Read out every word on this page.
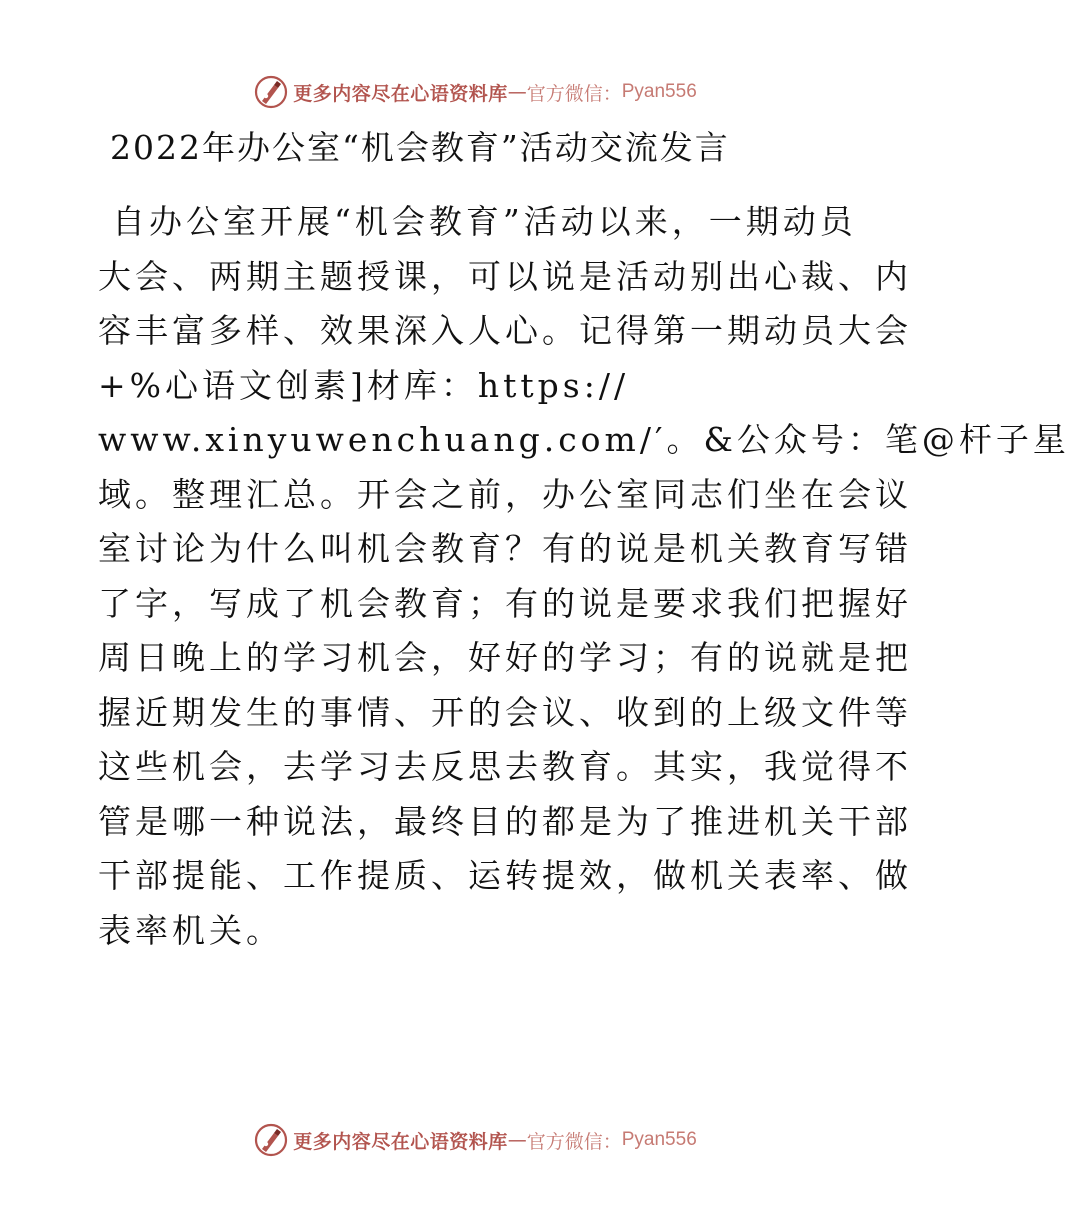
更多内容尽在心语资料库 — 官方微信： Pyan556
2022年办公室“机会教育”活动交流发言
自办公室开展“机会教育”活动以来，一期动员
大会、两期主题授课，可以说是活动别出心裁、内
容丰富多样、效果深入人心。记得第一期动员大会
+%心语文创素]材库：https://
www.xinyuwenchuang.com/′。&公众号：笔@杆子星
域。整理汇总。开会之前，办公室同志们坐在会议
室讨论为什么叫机会教育？有的说是机关教育写错
了字，写成了机会教育；有的说是要求我们把握好
周日晚上的学习机会，好好的学习；有的说就是把
握近期发生的事情、开的会议、收到的上级文件等
这些机会，去学习去反思去教育。其实，我觉得不
管是哪一种说法，最终目的都是为了推进机关干部
干部提能、工作提质、运转提效，做机关表率、做
表率机关。
更多内容尽在心语资料库 — 官方微信： Pyan556
